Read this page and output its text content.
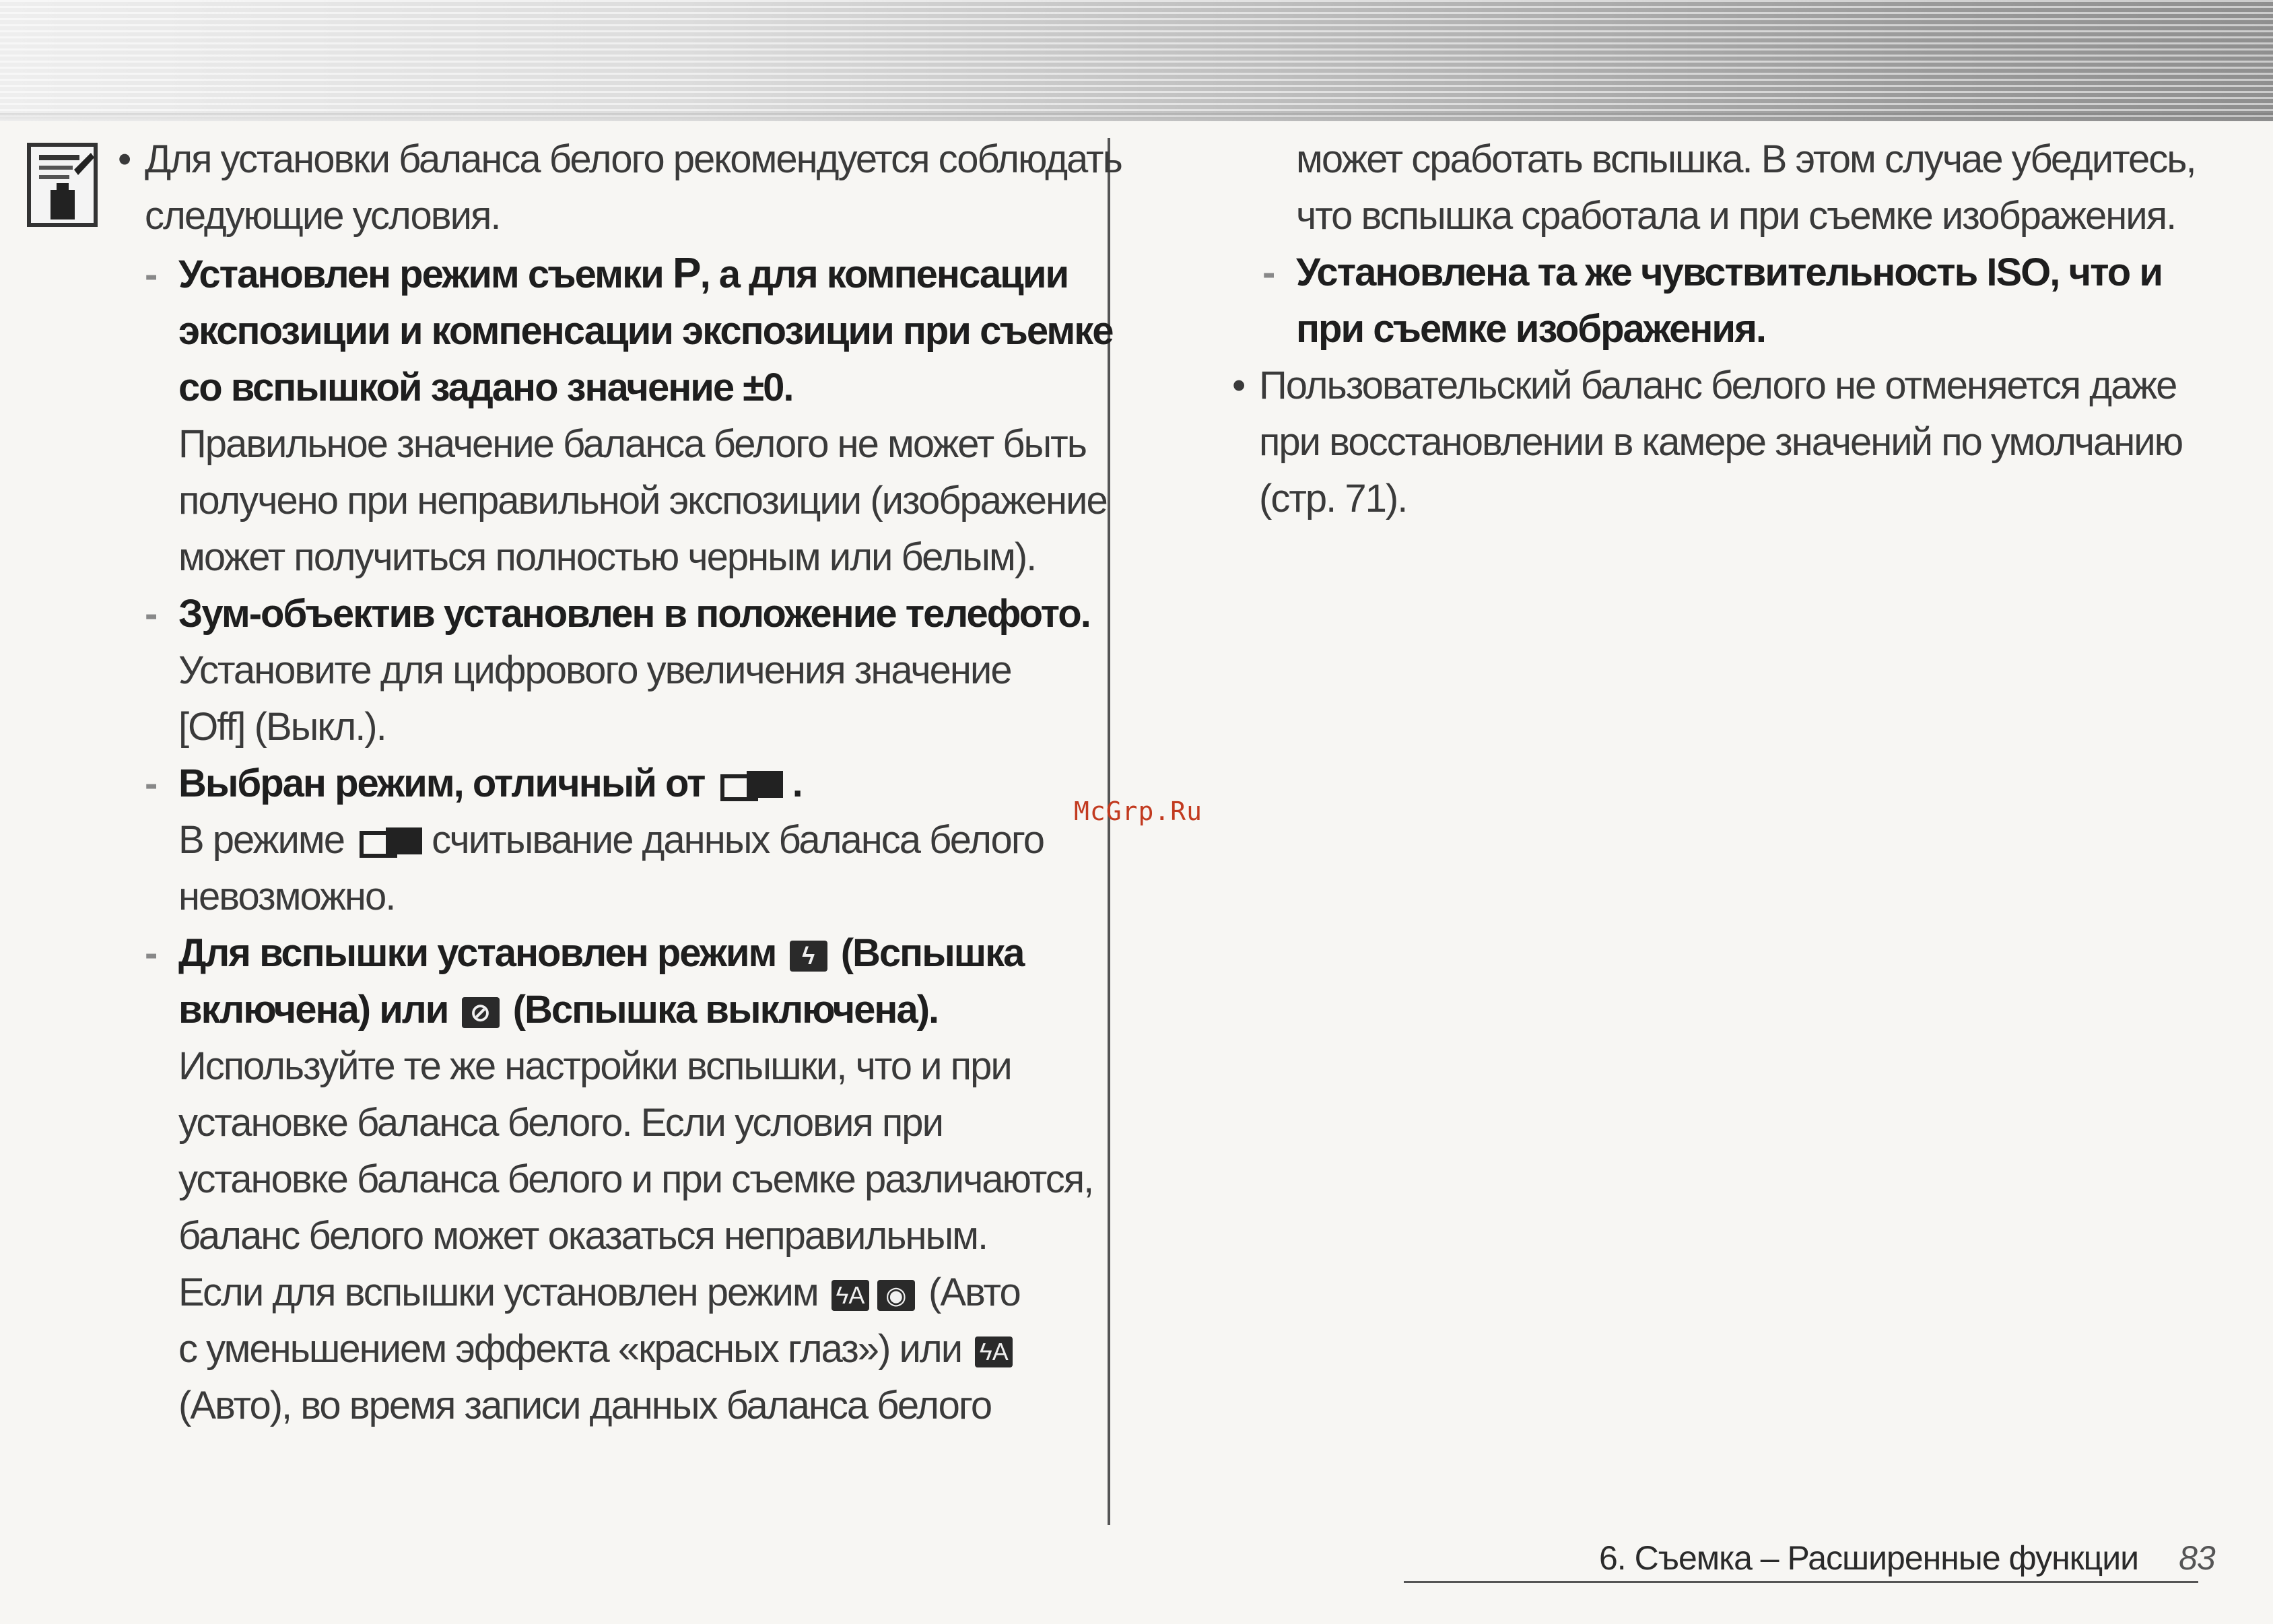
• Для установки баланса белого рекомендуется соблюдать
следующие условия.
- Установлен режим съемки P, а для компенсации
экспозиции и компенсации экспозиции при съемке
со вспышкой задано значение ±0.
Правильное значение баланса белого не может быть
получено при неправильной экспозиции (изображение
может получиться полностью черным или белым).
- Зум-объектив установлен в положение телефото.
Установите для цифрового увеличения значение
[Off] (Выкл.).
- Выбран режим, отличный от .
В режиме считывание данных баланса белого
невозможно.
- Для вспышки установлен режим ϟ (Вспышка
включена) или ⊘ (Вспышка выключена).
Используйте те же настройки вспышки, что и при
установке баланса белого. Если условия при
установке баланса белого и при съемке различаются,
баланс белого может оказаться неправильным.
Если для вспышки установлен режим ϟA ◉ (Авто
с уменьшением эффекта «красных глаз») или ϟA
(Авто), во время записи данных баланса белого
может сработать вспышка. В этом случае убедитесь,
что вспышка сработала и при съемке изображения.
- Установлена та же чувствительность ISO, что и
при съемке изображения.
• Пользовательский баланс белого не отменяется даже
при восстановлении в камере значений по умолчанию
(стр. 71).
McGrp.Ru
6. Съемка – Расширенные функции 83
